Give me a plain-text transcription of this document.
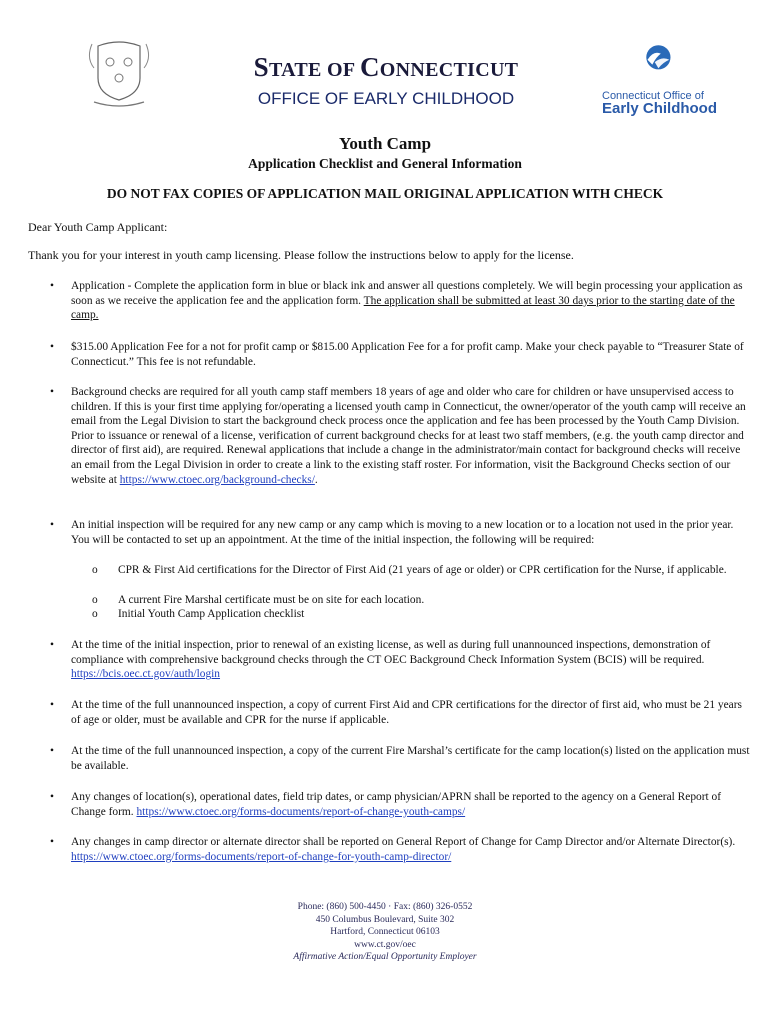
STATE OF CONNECTICUT
OFFICE OF EARLY CHILDHOOD	Connecticut Office of
Early Childhood
Youth Camp
Application Checklist and General Information
DO NOT FAX COPIES OF APPLICATION MAIL ORIGINAL APPLICATION WITH CHECK
Dear Youth Camp Applicant:
Thank you for your interest in youth camp licensing. Please follow the instructions below to apply for the license.
• Application - Complete the application form in blue or black ink and answer all questions completely. We will begin processing your application as soon as we receive the application fee and the application form. The application shall be submitted at least 30 days prior to the starting date of the camp.
• $315.00 Application Fee for a not for profit camp or $815.00 Application Fee for a for profit camp. Make your check payable to “Treasurer State of Connecticut.” This fee is not refundable.
• Background checks are required for all youth camp staff members 18 years of age and older who care for children or have unsupervised access to children. If this is your first time applying for/operating a licensed youth camp in Connecticut, the owner/operator of the youth camp will receive an email from the Legal Division to start the background check process once the application and fee has been processed by the Youth Camp Division. Prior to issuance or renewal of a license, verification of current background checks for at least two staff members, (e.g. the youth camp director and director of first aid), are required. Renewal applications that include a change in the administrator/main contact for background checks will receive an email from the Legal Division in order to create a link to the existing staff roster. For information, visit the Background Checks section of our website at https://www.ctoec.org/background-checks/.
• An initial inspection will be required for any new camp or any camp which is moving to a new location or to a location not used in the prior year. You will be contacted to set up an appointment. At the time of the initial inspection, the following will be required:
o CPR & First Aid certifications for the Director of First Aid (21 years of age or older) or CPR certification for the Nurse, if applicable.
o A current Fire Marshal certificate must be on site for each location.
o Initial Youth Camp Application checklist
• At the time of the initial inspection, prior to renewal of an existing license, as well as during full unannounced inspections, demonstration of compliance with comprehensive background checks through the CT OEC Background Check Information System (BCIS) will be required. https://bcis.oec.ct.gov/auth/login
• At the time of the full unannounced inspection, a copy of current First Aid and CPR certifications for the director of first aid, who must be 21 years of age or older, must be available and CPR for the nurse if applicable.
• At the time of the full unannounced inspection, a copy of the current Fire Marshal’s certificate for the camp location(s) listed on the application must be available.
• Any changes of location(s), operational dates, field trip dates, or camp physician/APRN shall be reported to the agency on a General Report of Change form. https://www.ctoec.org/forms-documents/report-of-change-youth-camps/
• Any changes in camp director or alternate director shall be reported on General Report of Change for Camp Director and/or Alternate Director(s). https://www.ctoec.org/forms-documents/report-of-change-for-youth-camp-director/
Phone: (860) 500-4450 · Fax: (860) 326-0552
450 Columbus Boulevard, Suite 302
Hartford, Connecticut 06103
www.ct.gov/oec
Affirmative Action/Equal Opportunity Employer
